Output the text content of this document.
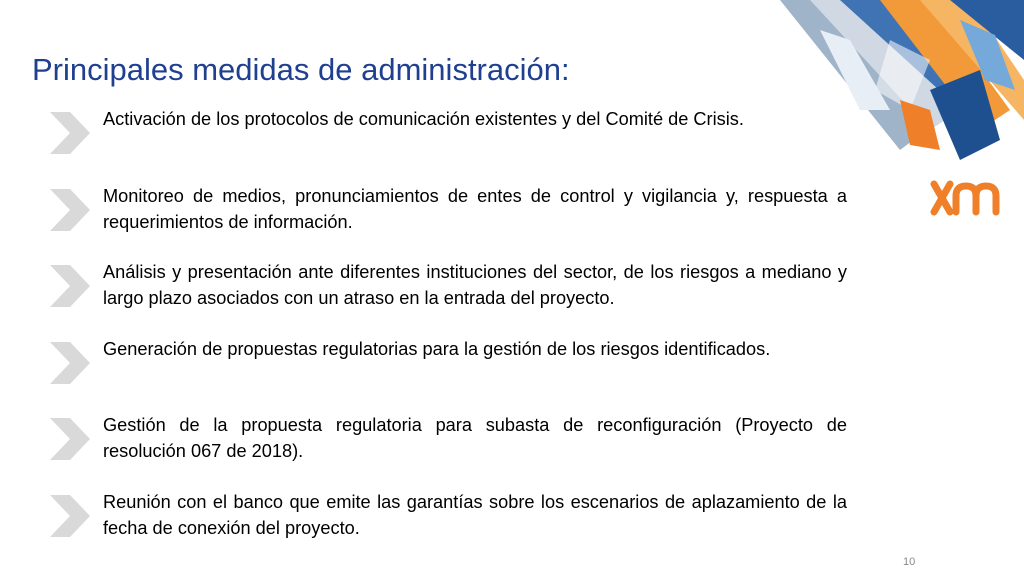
Principales medidas de administración:
Activación de los protocolos de comunicación existentes y del Comité de Crisis.
Monitoreo de medios, pronunciamientos de entes de control y vigilancia y, respuesta a requerimientos de información.
Análisis y presentación ante diferentes instituciones del sector, de los riesgos a mediano y largo plazo asociados con un atraso en la entrada del proyecto.
Generación de propuestas regulatorias para la gestión de los riesgos identificados.
Gestión de la propuesta regulatoria para subasta de reconfiguración (Proyecto de resolución 067 de 2018).
Reunión con el banco que emite las garantías sobre los escenarios de aplazamiento de la fecha de conexión del proyecto.
10
